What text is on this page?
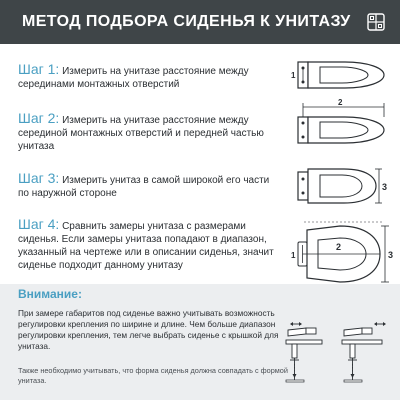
МЕТОД ПОДБОРА СИДЕНЬЯ К УНИТАЗУ
Шаг 1: Измерить на унитазе расстояние между серединами монтажных отверстий
1
Шаг 2: Измерить на унитазе расстояние между серединой монтажных отверстий и передней частью унитаза
2
Шаг 3: Измерить унитаз в самой широкой его части по наружной стороне
3
Шаг 4: Сравнить замеры унитаза с размерами сиденья. Если замеры унитаза попадают в диапазон, указанный на чертеже или в описании сиденья, значит сиденье подходит данному унитазу
1
2
3
Внимание:
При замере габаритов под сиденье важно учитывать возможность регулировки крепления по ширине и длине. Чем больше диапазон регулировки крепления, тем легче выбрать сиденье с крышкой для унитаза.
Также необходимо учитывать, что форма сиденья должна совпадать с формой унитаза.
